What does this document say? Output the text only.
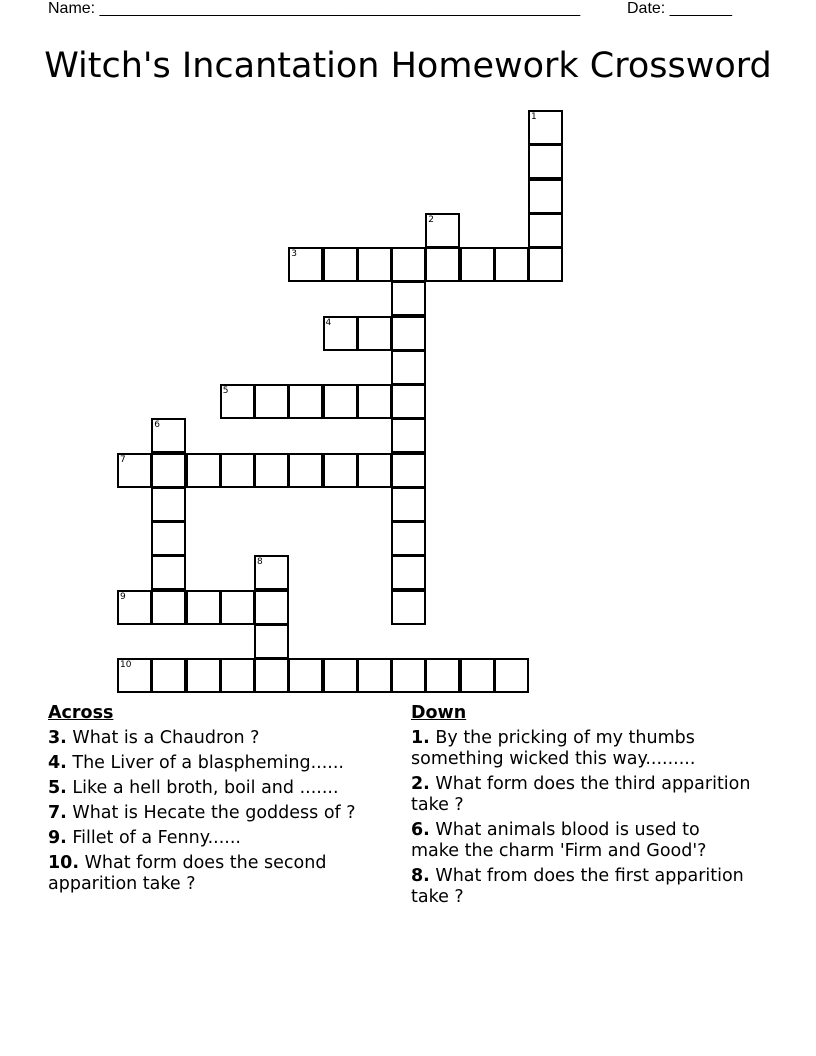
Name: ______________________________________________________	Date: _______
Witch's Incantation Homework Crossword
1
2
3
4
5
6
7
8
9
10
Across
3. What is a Chaudron ?
4. The Liver of a blaspheming......
5. Like a hell broth, boil and .......
7. What is Hecate the goddess of ?
9. Fillet of a Fenny......
10. What form does the second apparition take ?
Down
1. By the pricking of my thumbs something wicked this way.........
2. What form does the third apparition take ?
6. What animals blood is used to make the charm 'Firm and Good'?
8. What from does the first apparition take ?
